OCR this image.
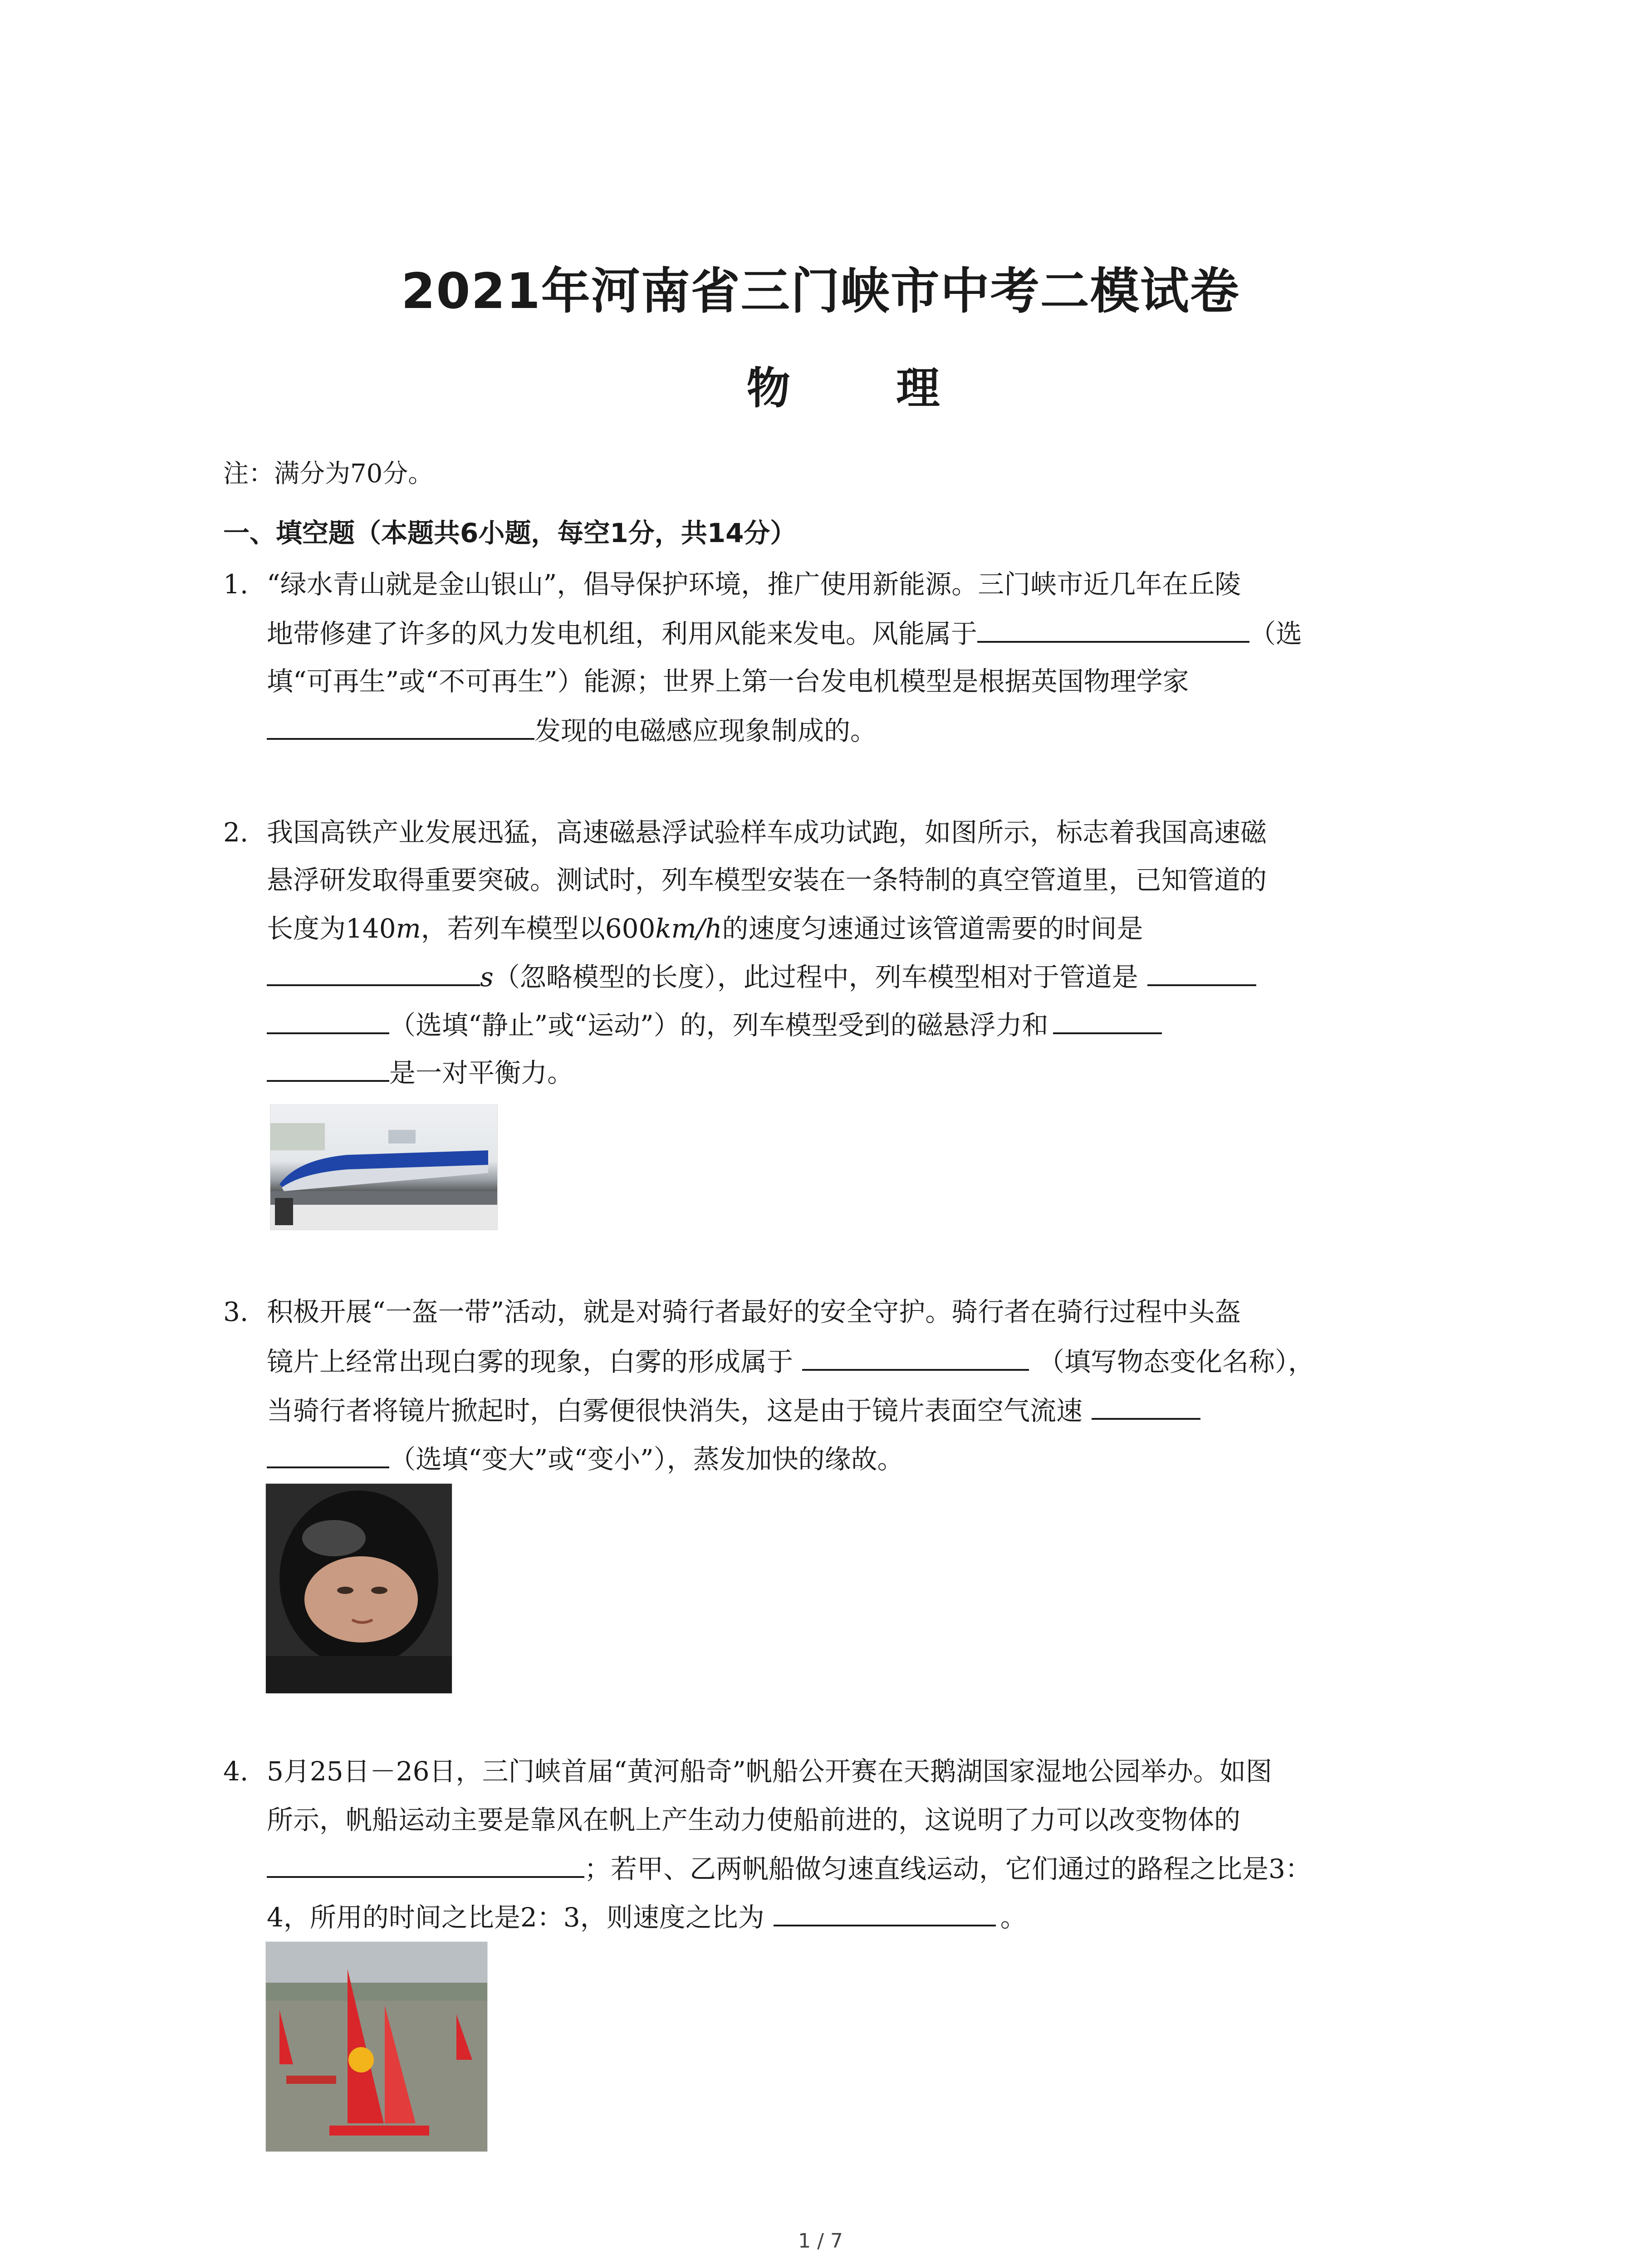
2021年河南省三门峡市中考二模试卷
物 理
注：满分为70分。
一、填空题（本题共6小题，每空1分，共14分）
1. “绿水青山就是金山银山”，倡导保护环境，推广使用新能源。三门峡市近几年在丘陵
地带修建了许多的风力发电机组，利用风能来发电。风能属于	（选
填“可再生”或“不可再生”）能源；世界上第一台发电机模型是根据英国物理学家
发现的电磁感应现象制成的。
2. 我国高铁产业发展迅猛，高速磁悬浮试验样车成功试跑，如图所示，标志着我国高速磁
悬浮研发取得重要突破。测试时，列车模型安装在一条特制的真空管道里，已知管道的
长度为140m，若列车模型以600km/h的速度匀速通过该管道需要的时间是
s（忽略模型的长度），此过程中，列车模型相对于管道是
（选填“静止”或“运动”）的，列车模型受到的磁悬浮力和
是一对平衡力。
3. 积极开展“一盔一带”活动，就是对骑行者最好的安全守护。骑行者在骑行过程中头盔
镜片上经常出现白雾的现象，白雾的形成属于	（填写物态变化名称），
当骑行者将镜片掀起时，白雾便很快消失，这是由于镜片表面空气流速
（选填“变大”或“变小”），蒸发加快的缘故。
4. 5月25日－26日，三门峡首届“黄河船奇”帆船公开赛在天鹅湖国家湿地公园举办。如图
所示，帆船运动主要是靠风在帆上产生动力使船前进的，这说明了力可以改变物体的
；若甲、乙两帆船做匀速直线运动，它们通过的路程之比是3：
4，所用的时间之比是2：3，则速度之比为	。
1 / 7
